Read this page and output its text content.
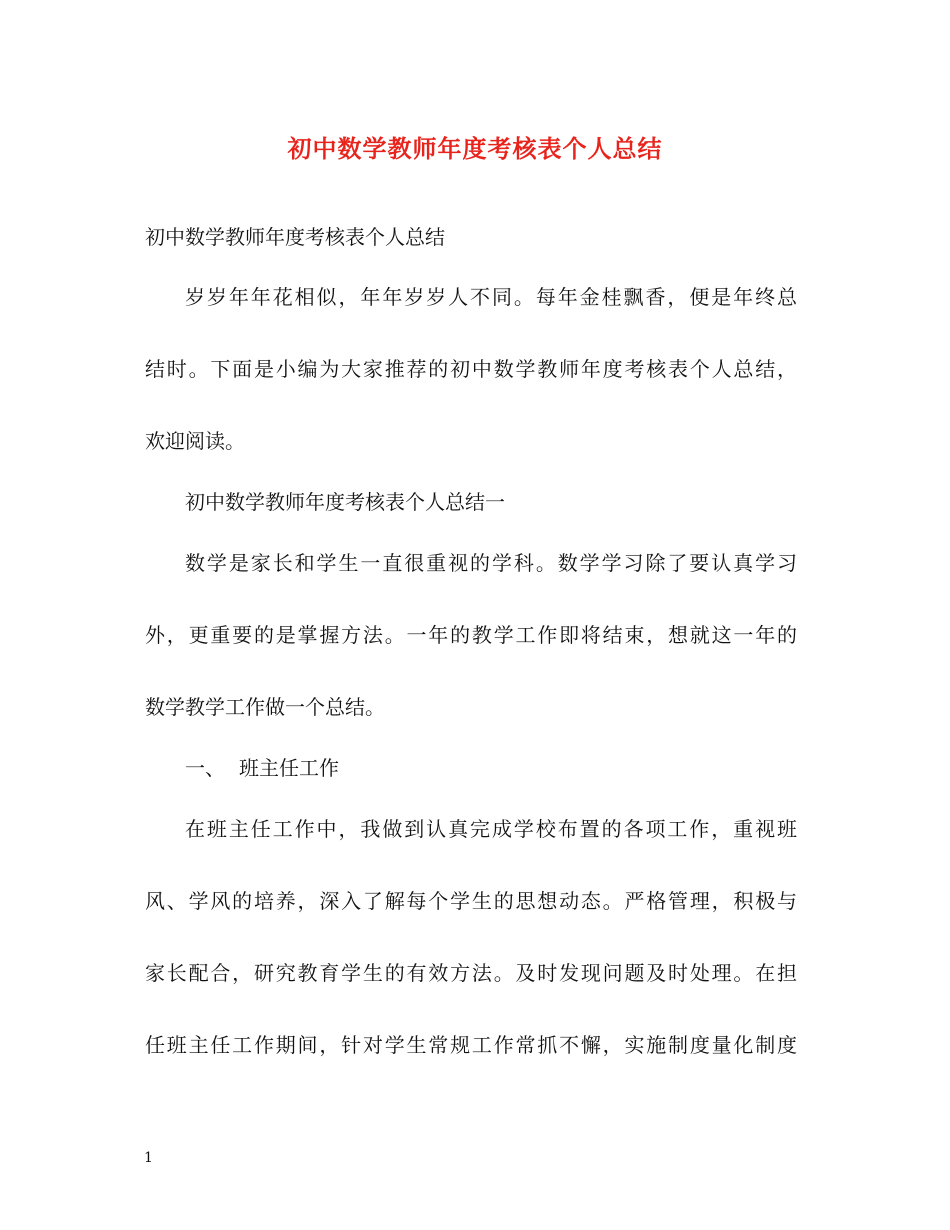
初中数学教师年度考核表个人总结
初中数学教师年度考核表个人总结
岁岁年年花相似，年年岁岁人不同。每年金桂飘香，便是年终总
结时。下面是小编为大家推荐的初中数学教师年度考核表个人总结，
欢迎阅读。
初中数学教师年度考核表个人总结一
数学是家长和学生一直很重视的学科。数学学习除了要认真学习
外，更重要的是掌握方法。一年的教学工作即将结束，想就这一年的
数学教学工作做一个总结。
一、 班主任工作
在班主任工作中，我做到认真完成学校布置的各项工作，重视班
风、学风的培养，深入了解每个学生的思想动态。严格管理，积极与
家长配合，研究教育学生的有效方法。及时发现问题及时处理。在担
任班主任工作期间，针对学生常规工作常抓不懈，实施制度量化制度
1
